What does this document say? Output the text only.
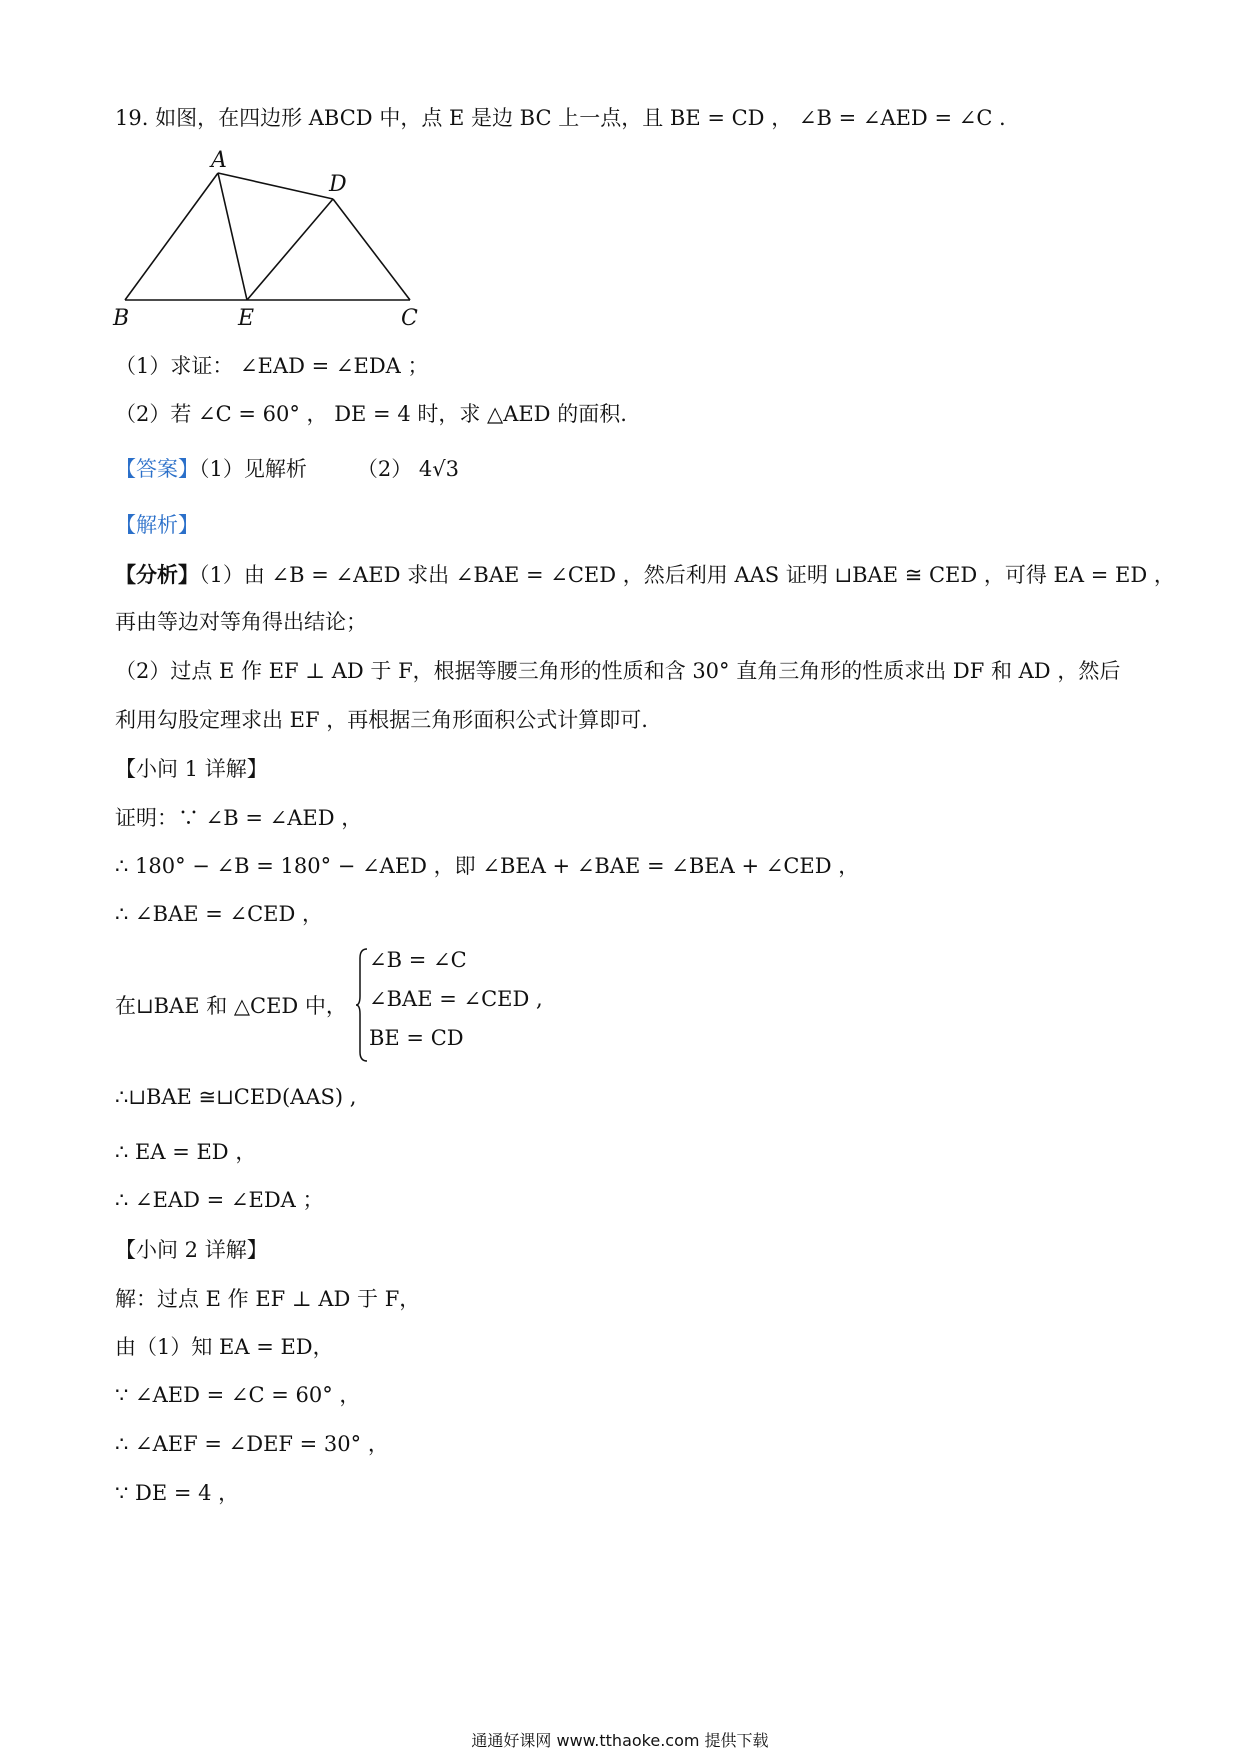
19. 如图，在四边形 ABCD 中，点 E 是边 BC 上一点，且 BE = CD ， ∠B = ∠AED = ∠C .
A
D
B	E	C
（1）求证： ∠EAD = ∠EDA ；
（2）若 ∠C = 60° ， DE = 4 时，求 △AED 的面积.
【答案】（1）见解析 （2） 4√3
【解析】
【分析】（1）由 ∠B = ∠AED 求出 ∠BAE = ∠CED ，然后利用 AAS 证明 ⊔BAE ≅ CED ，可得 EA = ED ，
再由等边对等角得出结论；
（2）过点 E 作 EF ⊥ AD 于 F，根据等腰三角形的性质和含 30° 直角三角形的性质求出 DF 和 AD ，然后
利用勾股定理求出 EF ，再根据三角形面积公式计算即可.
【小问 1 详解】
证明：∵ ∠B = ∠AED ，
∴ 180° − ∠B = 180° − ∠AED ，即 ∠BEA + ∠BAE = ∠BEA + ∠CED ，
∴ ∠BAE = ∠CED ，
在⊔BAE 和 △CED 中，
∠B = ∠C
∠BAE = ∠CED ,
BE = CD
∴⊔BAE ≅⊔CED(AAS) ,
∴ EA = ED ，
∴ ∠EAD = ∠EDA ；
【小问 2 详解】
解：过点 E 作 EF ⊥ AD 于 F，
由（1）知 EA = ED，
∵ ∠AED = ∠C = 60° ，
∴ ∠AEF = ∠DEF = 30° ，
∵ DE = 4 ，
通通好课网 www.tthaoke.com 提供下载
